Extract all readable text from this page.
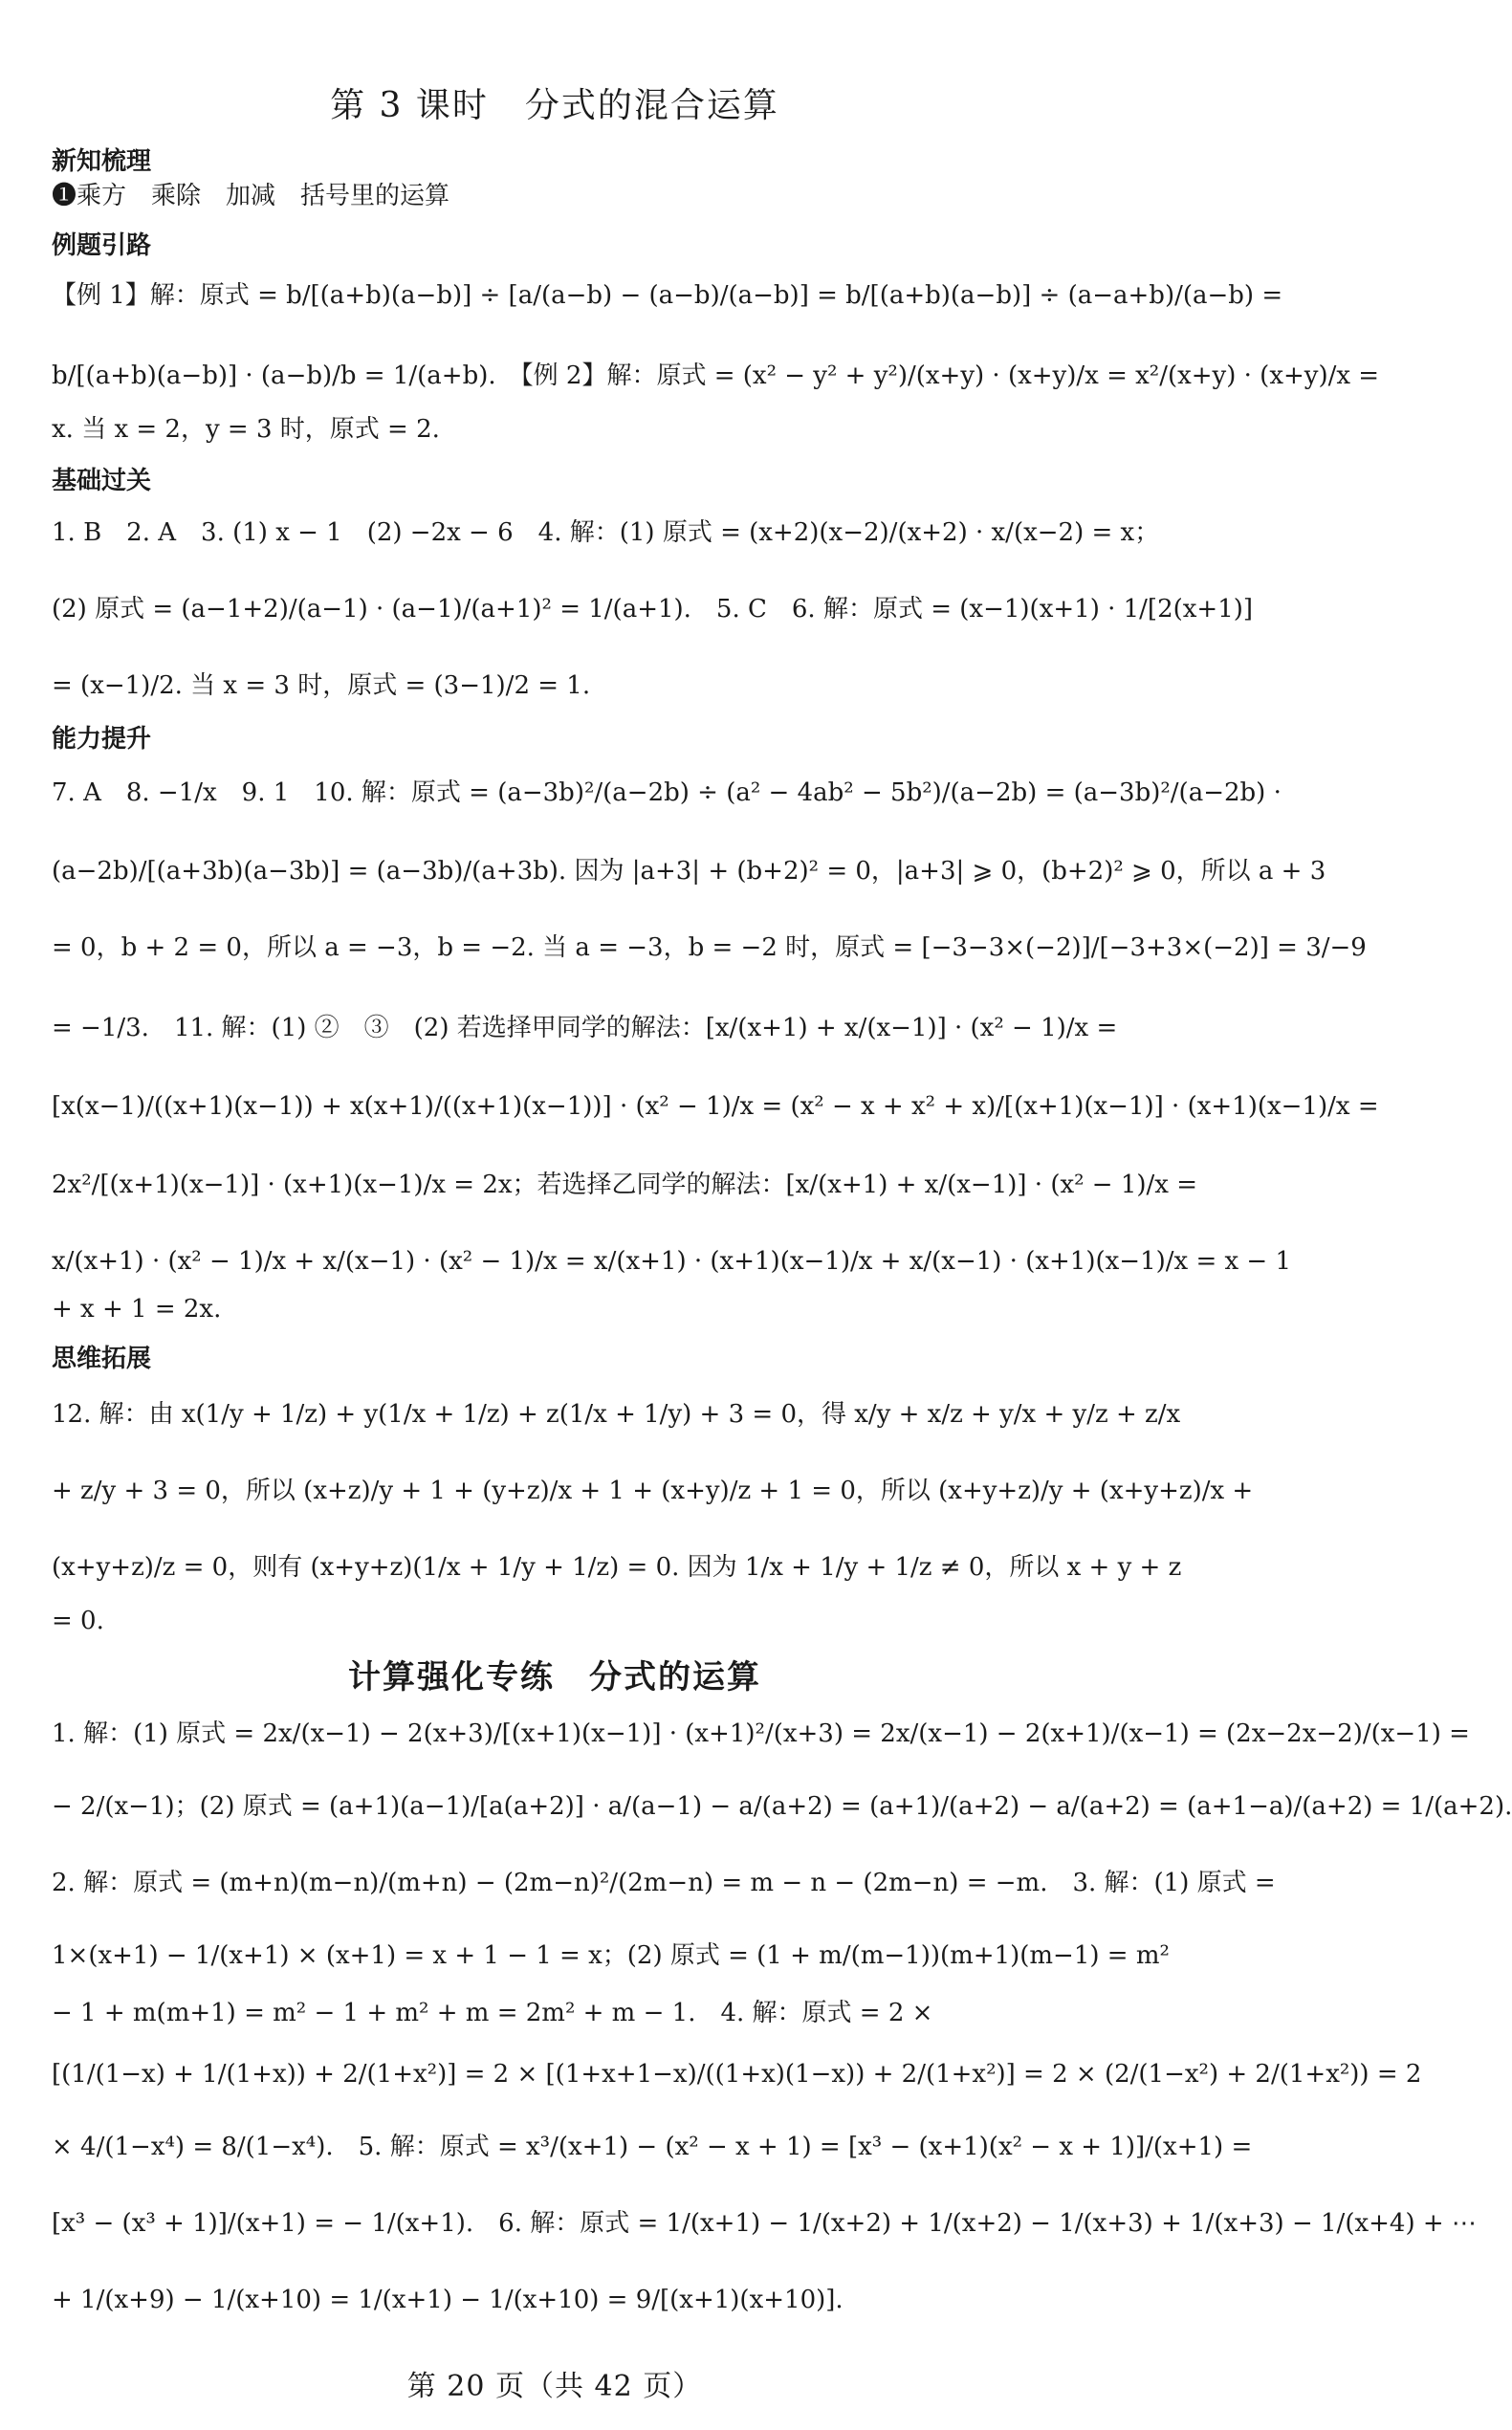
第 3 课时　分式的混合运算
新知梳理
❶乘方　乘除　加减　括号里的运算
例题引路
【例 1】解：原式 = b/[(a+b)(a−b)] ÷ [a/(a−b) − (a−b)/(a−b)] = b/[(a+b)(a−b)] ÷ (a−a+b)/(a−b) =
b/[(a+b)(a−b)] · (a−b)/b = 1/(a+b).　【例 2】解：原式 = (x² − y² + y²)/(x+y) · (x+y)/x = x²/(x+y) · (x+y)/x =
x. 当 x = 2，y = 3 时，原式 = 2.
基础过关
1. B　2. A　3. (1) x − 1　(2) −2x − 6　4. 解：(1) 原式 = (x+2)(x−2)/(x+2) · x/(x−2) = x；
(2) 原式 = (a−1+2)/(a−1) · (a−1)/(a+1)² = 1/(a+1).　5. C　6. 解：原式 = (x−1)(x+1) · 1/[2(x+1)]
= (x−1)/2. 当 x = 3 时，原式 = (3−1)/2 = 1.
能力提升
7. A　8. −1/x　9. 1　10. 解：原式 = (a−3b)²/(a−2b) ÷ (a² − 4ab² − 5b²)/(a−2b) = (a−3b)²/(a−2b) ·
(a−2b)/[(a+3b)(a−3b)] = (a−3b)/(a+3b). 因为 |a+3| + (b+2)² = 0，|a+3| ⩾ 0，(b+2)² ⩾ 0，所以 a + 3
= 0，b + 2 = 0，所以 a = −3，b = −2. 当 a = −3，b = −2 时，原式 = [−3−3×(−2)]/[−3+3×(−2)] = 3/−9
= −1/3.　11. 解：(1) ②　③　(2) 若选择甲同学的解法：[x/(x+1) + x/(x−1)] · (x² − 1)/x =
[x(x−1)/((x+1)(x−1)) + x(x+1)/((x+1)(x−1))] · (x² − 1)/x = (x² − x + x² + x)/[(x+1)(x−1)] · (x+1)(x−1)/x =
2x²/[(x+1)(x−1)] · (x+1)(x−1)/x = 2x；若选择乙同学的解法：[x/(x+1) + x/(x−1)] · (x² − 1)/x =
x/(x+1) · (x² − 1)/x + x/(x−1) · (x² − 1)/x = x/(x+1) · (x+1)(x−1)/x + x/(x−1) · (x+1)(x−1)/x = x − 1
+ x + 1 = 2x.
思维拓展
12. 解：由 x(1/y + 1/z) + y(1/x + 1/z) + z(1/x + 1/y) + 3 = 0，得 x/y + x/z + y/x + y/z + z/x
+ z/y + 3 = 0，所以 (x+z)/y + 1 + (y+z)/x + 1 + (x+y)/z + 1 = 0，所以 (x+y+z)/y + (x+y+z)/x +
(x+y+z)/z = 0，则有 (x+y+z)(1/x + 1/y + 1/z) = 0. 因为 1/x + 1/y + 1/z ≠ 0，所以 x + y + z
= 0.
计算强化专练　分式的运算
1. 解：(1) 原式 = 2x/(x−1) − 2(x+3)/[(x+1)(x−1)] · (x+1)²/(x+3) = 2x/(x−1) − 2(x+1)/(x−1) = (2x−2x−2)/(x−1) =
− 2/(x−1)；(2) 原式 = (a+1)(a−1)/[a(a+2)] · a/(a−1) − a/(a+2) = (a+1)/(a+2) − a/(a+2) = (a+1−a)/(a+2) = 1/(a+2).
2. 解：原式 = (m+n)(m−n)/(m+n) − (2m−n)²/(2m−n) = m − n − (2m−n) = −m.　3. 解：(1) 原式 =
1×(x+1) − 1/(x+1) × (x+1) = x + 1 − 1 = x；(2) 原式 = (1 + m/(m−1))(m+1)(m−1) = m²
− 1 + m(m+1) = m² − 1 + m² + m = 2m² + m − 1.　4. 解：原式 = 2 ×
[(1/(1−x) + 1/(1+x)) + 2/(1+x²)] = 2 × [(1+x+1−x)/((1+x)(1−x)) + 2/(1+x²)] = 2 × (2/(1−x²) + 2/(1+x²)) = 2
× 4/(1−x⁴) = 8/(1−x⁴).　5. 解：原式 = x³/(x+1) − (x² − x + 1) = [x³ − (x+1)(x² − x + 1)]/(x+1) =
[x³ − (x³ + 1)]/(x+1) = − 1/(x+1).　6. 解：原式 = 1/(x+1) − 1/(x+2) + 1/(x+2) − 1/(x+3) + 1/(x+3) − 1/(x+4) + ⋯
+ 1/(x+9) − 1/(x+10) = 1/(x+1) − 1/(x+10) = 9/[(x+1)(x+10)].
第 20 页（共 42 页）
